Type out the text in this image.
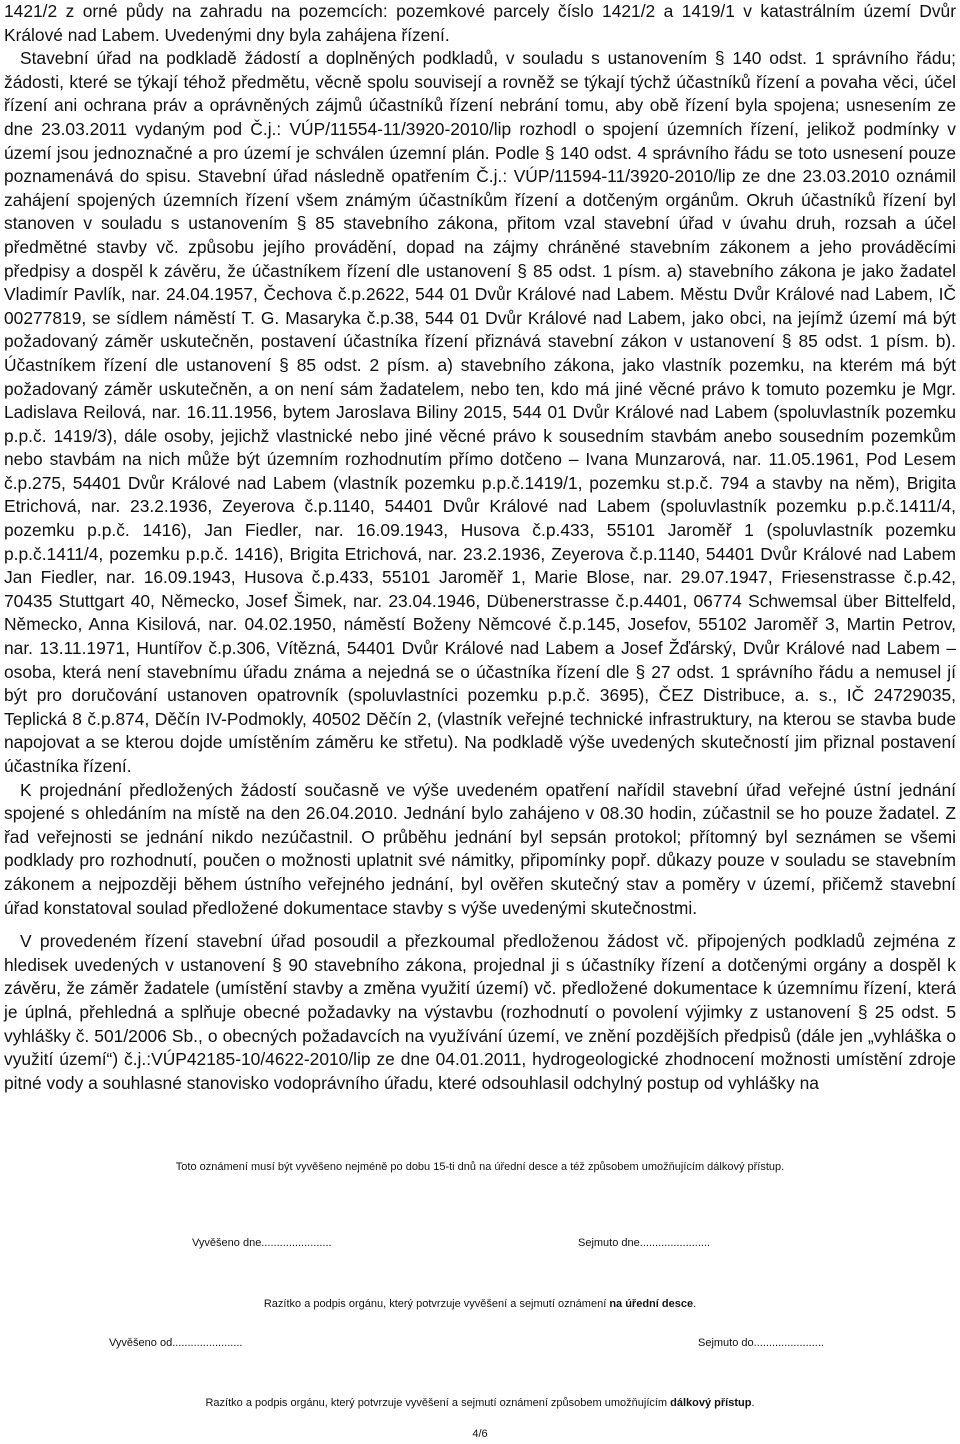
1421/2 z orné půdy na zahradu na pozemcích: pozemkové parcely číslo 1421/2 a 1419/1 v katastrálním území Dvůr Králové nad Labem. Uvedenými dny byla zahájena řízení.

Stavební úřad na podkladě žádostí a doplněných podkladů, v souladu s ustanovením § 140 odst. 1 správního řádu; žádosti, které se týkají téhož předmětu, věcně spolu souvisejí a rovněž se týkají týchž účastníků řízení a povaha věci, účel řízení ani ochrana práv a oprávněných zájmů účastníků řízení nebrání tomu, aby obě řízení byla spojena; usnesením ze dne 23.03.2011 vydaným pod Č.j.: VÚP/11554-11/3920-2010/lip rozhodl o spojení územních řízení, jelikož podmínky v území jsou jednoznačné a pro území je schválen územní plán. Podle § 140 odst. 4 správního řádu se toto usnesení pouze poznamenává do spisu. Stavební úřad následně opatřením Č.j.: VÚP/11594-11/3920-2010/lip ze dne 23.03.2010 oznámil zahájení spojených územních řízení všem známým účastníkům řízení a dotčeným orgánům. Okruh účastníků řízení byl stanoven v souladu s ustanovením § 85 stavebního zákona, přitom vzal stavební úřad v úvahu druh, rozsah a účel předmětné stavby vč. způsobu jejího provádění, dopad na zájmy chráněné stavebním zákonem a jeho prováděcími předpisy a dospěl k závěru, že účastníkem řízení dle ustanovení § 85 odst. 1 písm. a) stavebního zákona je jako žadatel Vladimír Pavlík, nar. 24.04.1957, Čechova č.p.2622, 544 01 Dvůr Králové nad Labem. Městu Dvůr Králové nad Labem, IČ 00277819, se sídlem náměstí T. G. Masaryka č.p.38, 544 01 Dvůr Králové nad Labem, jako obci, na jejímž území má být požadovaný záměr uskutečněn, postavení účastníka řízení přiznává stavební zákon v ustanovení § 85 odst. 1 písm. b). Účastníkem řízení dle ustanovení § 85 odst. 2 písm. a) stavebního zákona, jako vlastník pozemku, na kterém má být požadovaný záměr uskutečněn, a on není sám žadatelem, nebo ten, kdo má jiné věcné právo k tomuto pozemku je Mgr. Ladislava Reilová, nar. 16.11.1956, bytem Jaroslava Biliny 2015, 544 01 Dvůr Králové nad Labem (spoluvlastník pozemku p.p.č. 1419/3), dále osoby, jejichž vlastnické nebo jiné věcné právo k sousedním stavbám anebo sousedním pozemkům nebo stavbám na nich může být územním rozhodnutím přímo dotčeno – Ivana Munzarová, nar. 11.05.1961, Pod Lesem č.p.275, 54401 Dvůr Králové nad Labem (vlastník pozemku p.p.č.1419/1, pozemku st.p.č. 794 a stavby na něm), Brigita Etrichová, nar. 23.2.1936, Zeyerova č.p.1140, 54401 Dvůr Králové nad Labem (spoluvlastník pozemku p.p.č.1411/4, pozemku p.p.č. 1416), Jan Fiedler, nar. 16.09.1943, Husova č.p.433, 55101 Jaroměř 1 (spoluvlastník pozemku p.p.č.1411/4, pozemku p.p.č. 1416), Brigita Etrichová, nar. 23.2.1936, Zeyerova č.p.1140, 54401 Dvůr Králové nad Labem Jan Fiedler, nar. 16.09.1943, Husova č.p.433, 55101 Jaroměř 1, Marie Blose, nar. 29.07.1947, Friesenstrasse č.p.42, 70435 Stuttgart 40, Německo, Josef Šimek, nar. 23.04.1946, Dübenerstrasse č.p.4401, 06774 Schwemsal über Bittelfeld, Německo, Anna Kisilová, nar. 04.02.1950, náměstí Boženy Němcové č.p.145, Josefov, 55102 Jaroměř 3, Martin Petrov, nar. 13.11.1971, Huntířov č.p.306, Vítězná, 54401 Dvůr Králové nad Labem a Josef Žďárský, Dvůr Králové nad Labem – osoba, která není stavebnímu úřadu známa a nejedná se o účastníka řízení dle § 27 odst. 1 správního řádu a nemusel jí být pro doručování ustanoven opatrovník (spoluvlastníci pozemku p.p.č. 3695), ČEZ Distribuce, a. s., IČ 24729035, Teplická 8 č.p.874, Děčín IV-Podmokly, 40502 Děčín 2, (vlastník veřejné technické infrastruktury, na kterou se stavba bude napojovat a se kterou dojde umístěním záměru ke střetu). Na podkladě výše uvedených skutečností jim přiznal postavení účastníka řízení.

K projednání předložených žádostí současně ve výše uvedeném opatření nařídil stavební úřad veřejné ústní jednání spojené s ohledáním na místě na den 26.04.2010. Jednání bylo zahájeno v 08.30 hodin, zúčastnil se ho pouze žadatel. Z řad veřejnosti se jednání nikdo nezúčastnil. O průběhu jednání byl sepsán protokol; přítomný byl seznámen se všemi podklady pro rozhodnutí, poučen o možnosti uplatnit své námitky, připomínky popř. důkazy pouze v souladu se stavebním zákonem a nejpozději během ústního veřejného jednání, byl ověřen skutečný stav a poměry v území, přičemž stavební úřad konstatoval soulad předložené dokumentace stavby s výše uvedenými skutečnostmi.

V provedeném řízení stavební úřad posoudil a přezkoumal předloženou žádost vč. připojených podkladů zejména z hledisek uvedených v ustanovení § 90 stavebního zákona, projednal ji s účastníky řízení a dotčenými orgány a dospěl k závěru, že záměr žadatele (umístění stavby a změna využití území) vč. předložené dokumentace k územnímu řízení, která je úplná, přehledná a splňuje obecné požadavky na výstavbu (rozhodnutí o povolení výjimky z ustanovení § 25 odst. 5 vyhlášky č. 501/2006 Sb., o obecných požadavcích na využívání území, ve znění pozdějších předpisů (dále jen „vyhláška o využití území“) č.j.:VÚP42185-10/4622-2010/lip ze dne 04.01.2011, hydrogeologické zhodnocení možnosti umístění zdroje pitné vody a souhlasné stanovisko vodoprávního úřadu, které odsouhlasil odchylný postup od vyhlášky na

Toto oznámení musí být vyvěšeno nejméně po dobu 15-ti dnů na úřední desce a též způsobem umožňujícím dálkový přístup.
Vyvěšeno dne.......................	Sejmuto dne.......................
Razítko a podpis orgánu, který potvrzuje vyvěšení a sejmutí oznámení na úřední desce.
Vyvěšeno od.......................	Sejmuto do.......................
Razítko a podpis orgánu, který potvrzuje vyvěšení a sejmutí oznámení způsobem umožňujícím dálkový přístup.
4/6
